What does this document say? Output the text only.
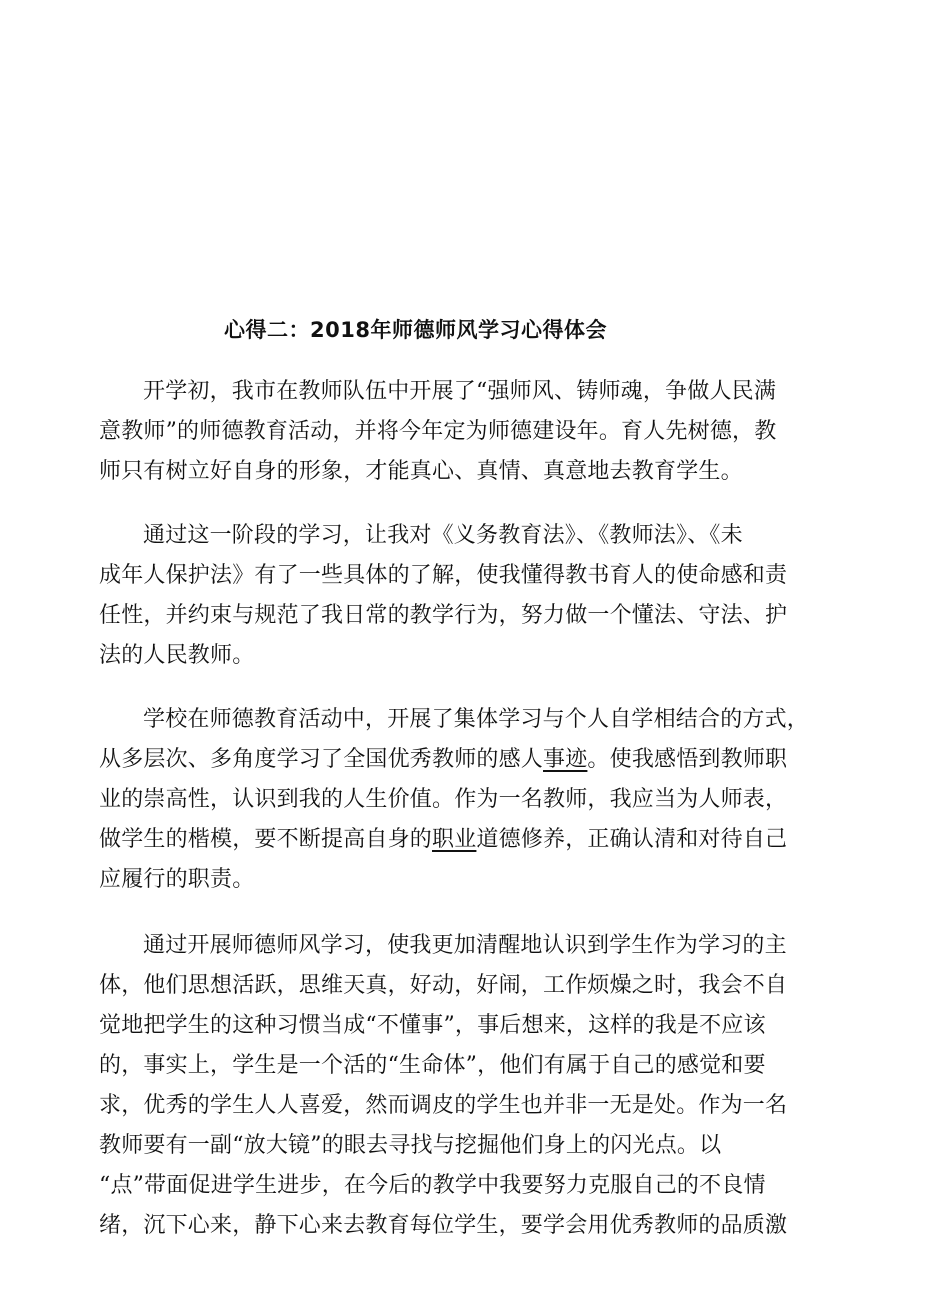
心得二：2018年师德师风学习心得体会
开学初，我市在教师队伍中开展了“强师风、铸师魂，争做人民满
意教师”的师德教育活动，并将今年定为师德建设年。育人先树德，教
师只有树立好自身的形象，才能真心、真情、真意地去教育学生。
通过这一阶段的学习，让我对《义务教育法》、《教师法》、《未
成年人保护法》有了一些具体的了解，使我懂得教书育人的使命感和责
任性，并约束与规范了我日常的教学行为，努力做一个懂法、守法、护
法的人民教师。
学校在师德教育活动中，开展了集体学习与个人自学相结合的方式，
从多层次、多角度学习了全国优秀教师的感人事迹。使我感悟到教师职
业的崇高性，认识到我的人生价值。作为一名教师，我应当为人师表，
做学生的楷模，要不断提高自身的职业道德修养，正确认清和对待自己
应履行的职责。
通过开展师德师风学习，使我更加清醒地认识到学生作为学习的主
体，他们思想活跃，思维天真，好动，好闹，工作烦燥之时，我会不自
觉地把学生的这种习惯当成“不懂事”，事后想来，这样的我是不应该
的，事实上，学生是一个活的“生命体”，他们有属于自己的感觉和要
求，优秀的学生人人喜爱，然而调皮的学生也并非一无是处。作为一名
教师要有一副“放大镜”的眼去寻找与挖掘他们身上的闪光点。以
“点”带面促进学生进步，在今后的教学中我要努力克服自己的不良情
绪，沉下心来，静下心来去教育每位学生，要学会用优秀教师的品质激
